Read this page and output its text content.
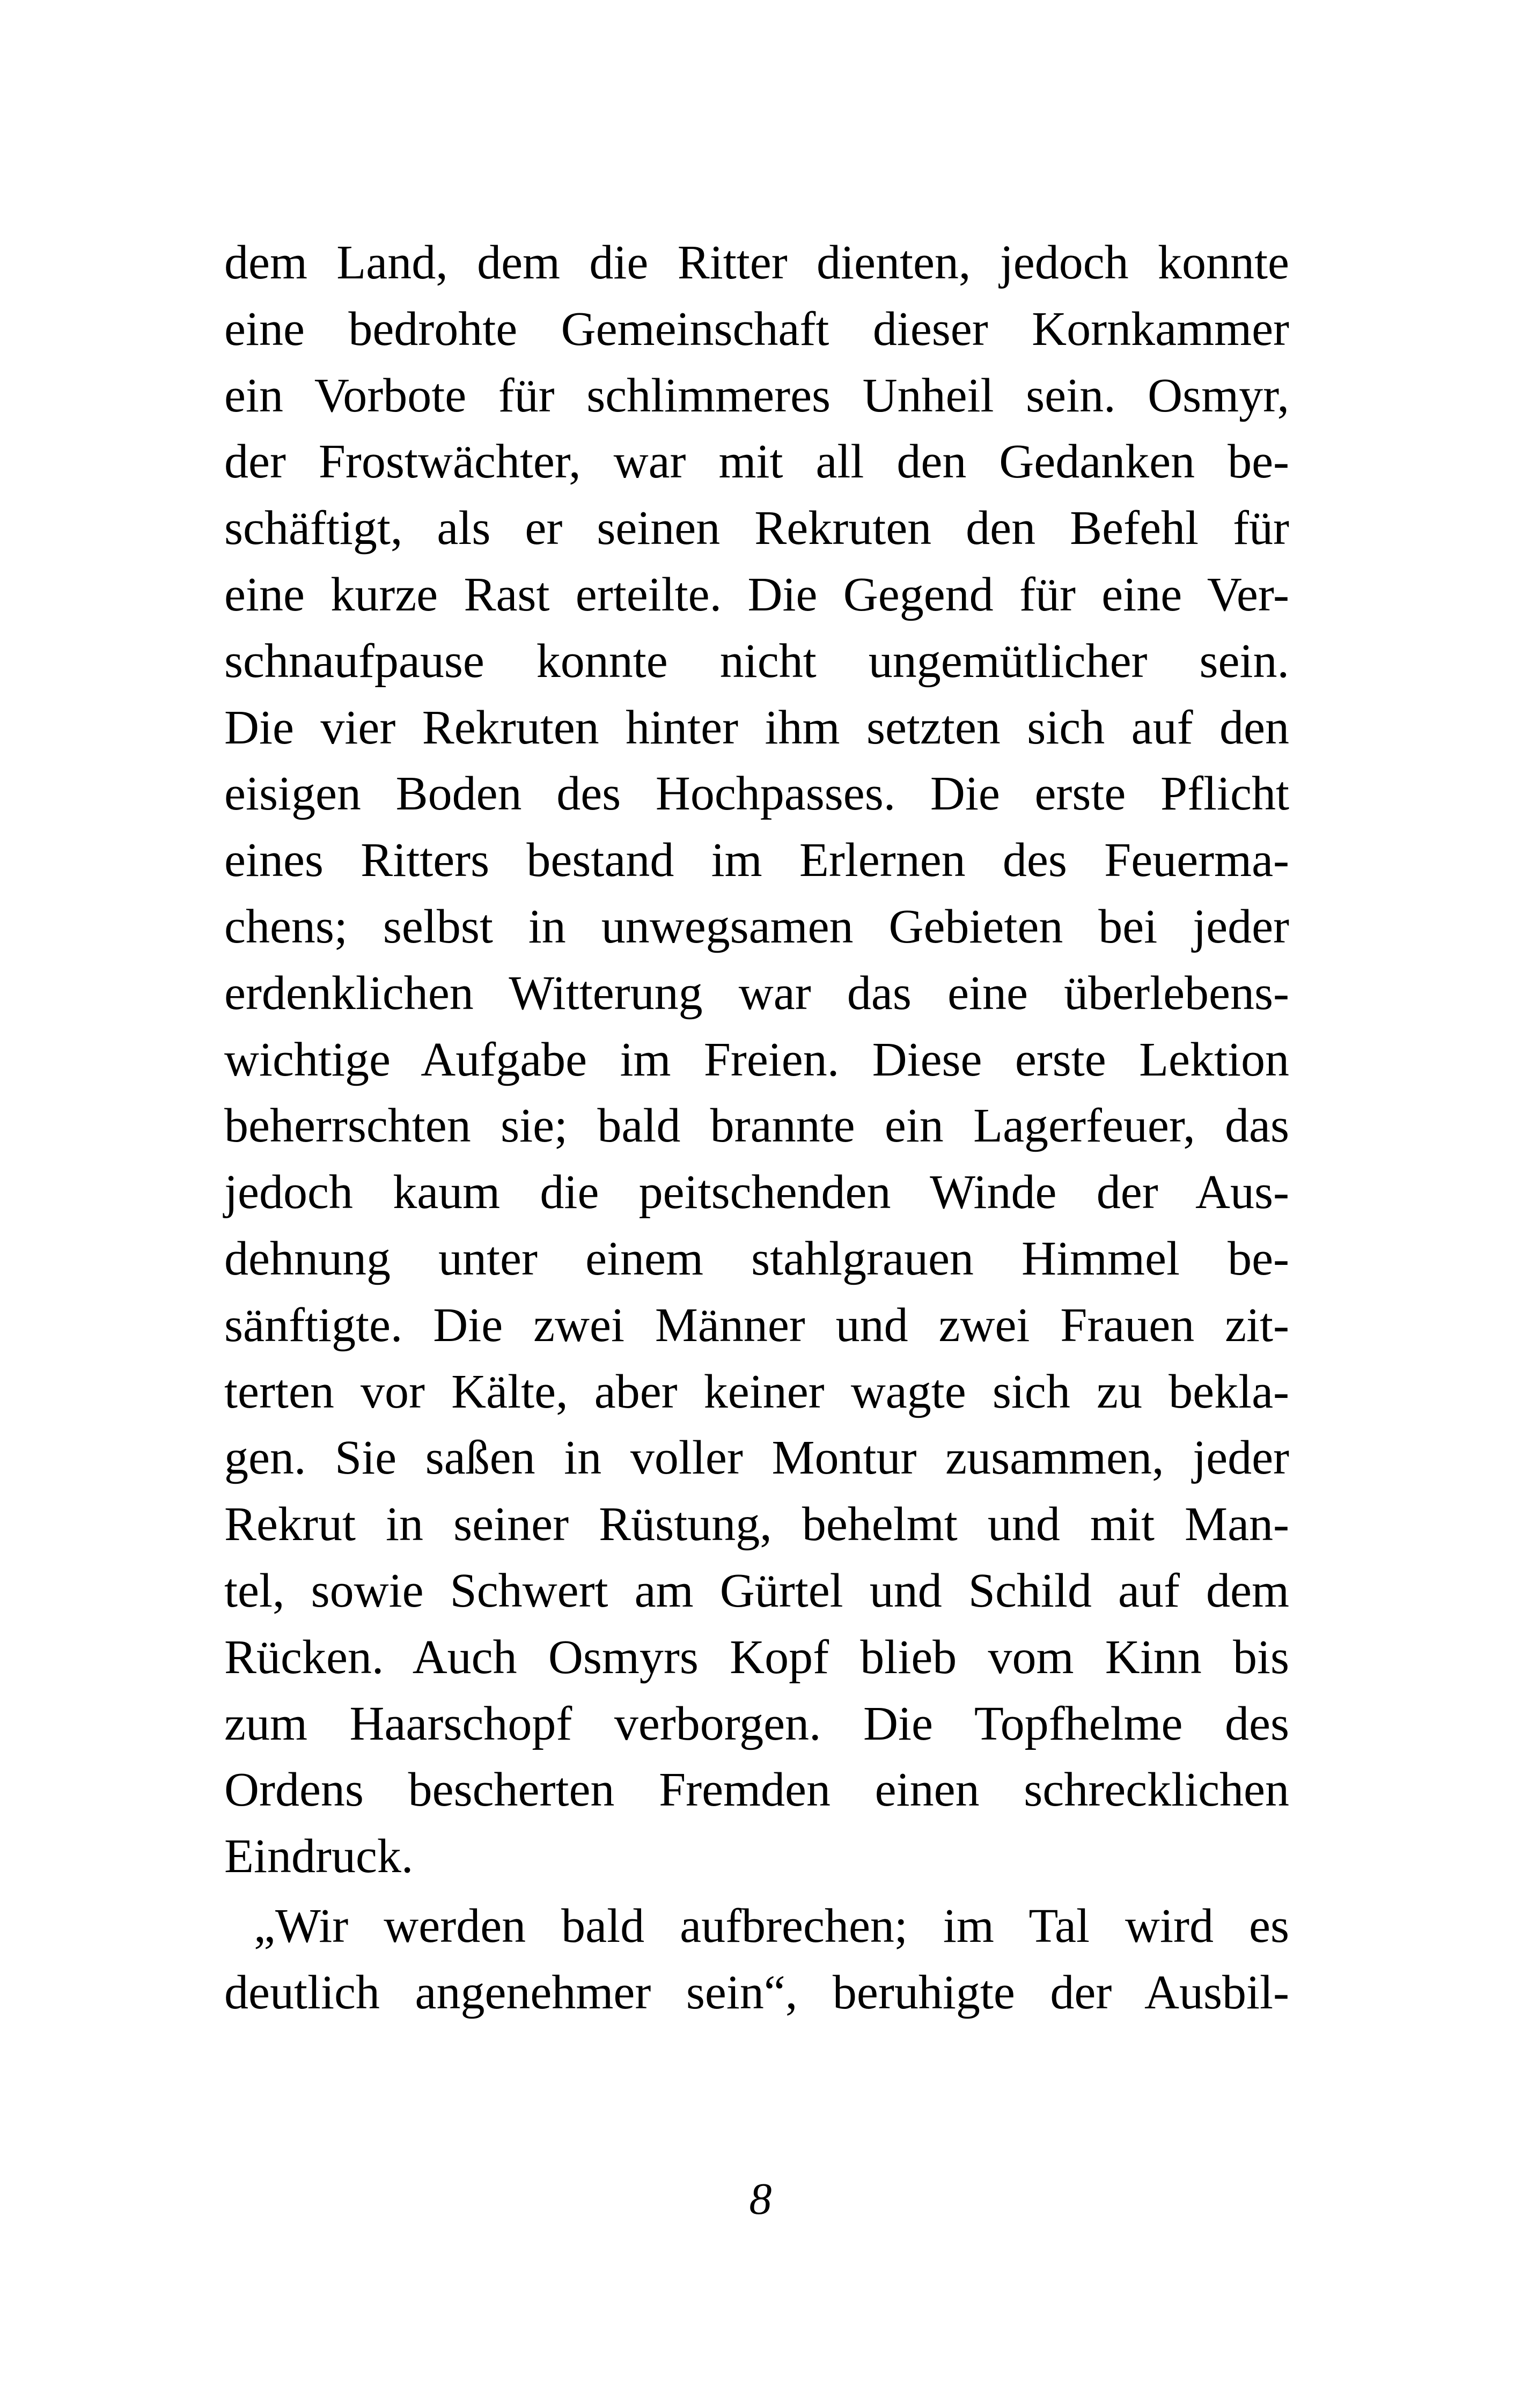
dem Land, dem die Ritter dienten, jedoch konnte
eine bedrohte Gemeinschaft dieser Kornkammer
ein Vorbote für schlimmeres Unheil sein. Osmyr,
der Frostwächter, war mit all den Gedanken be-
schäftigt, als er seinen Rekruten den Befehl für
eine kurze Rast erteilte. Die Gegend für eine Ver-
schnaufpause konnte nicht ungemütlicher sein.
Die vier Rekruten hinter ihm setzten sich auf den
eisigen Boden des Hochpasses. Die erste Pflicht
eines Ritters bestand im Erlernen des Feuerma-
chens; selbst in unwegsamen Gebieten bei jeder
erdenklichen Witterung war das eine überlebens-
wichtige Aufgabe im Freien. Diese erste Lektion
beherrschten sie; bald brannte ein Lagerfeuer, das
jedoch kaum die peitschenden Winde der Aus-
dehnung unter einem stahlgrauen Himmel be-
sänftigte. Die zwei Männer und zwei Frauen zit-
terten vor Kälte, aber keiner wagte sich zu bekla-
gen. Sie saßen in voller Montur zusammen, jeder
Rekrut in seiner Rüstung, behelmt und mit Man-
tel, sowie Schwert am Gürtel und Schild auf dem
Rücken. Auch Osmyrs Kopf blieb vom Kinn bis
zum Haarschopf verborgen. Die Topfhelme des
Ordens bescherten Fremden einen schrecklichen
Eindruck.
„Wir werden bald aufbrechen; im Tal wird es
deutlich angenehmer sein“, beruhigte der Ausbil-
8
